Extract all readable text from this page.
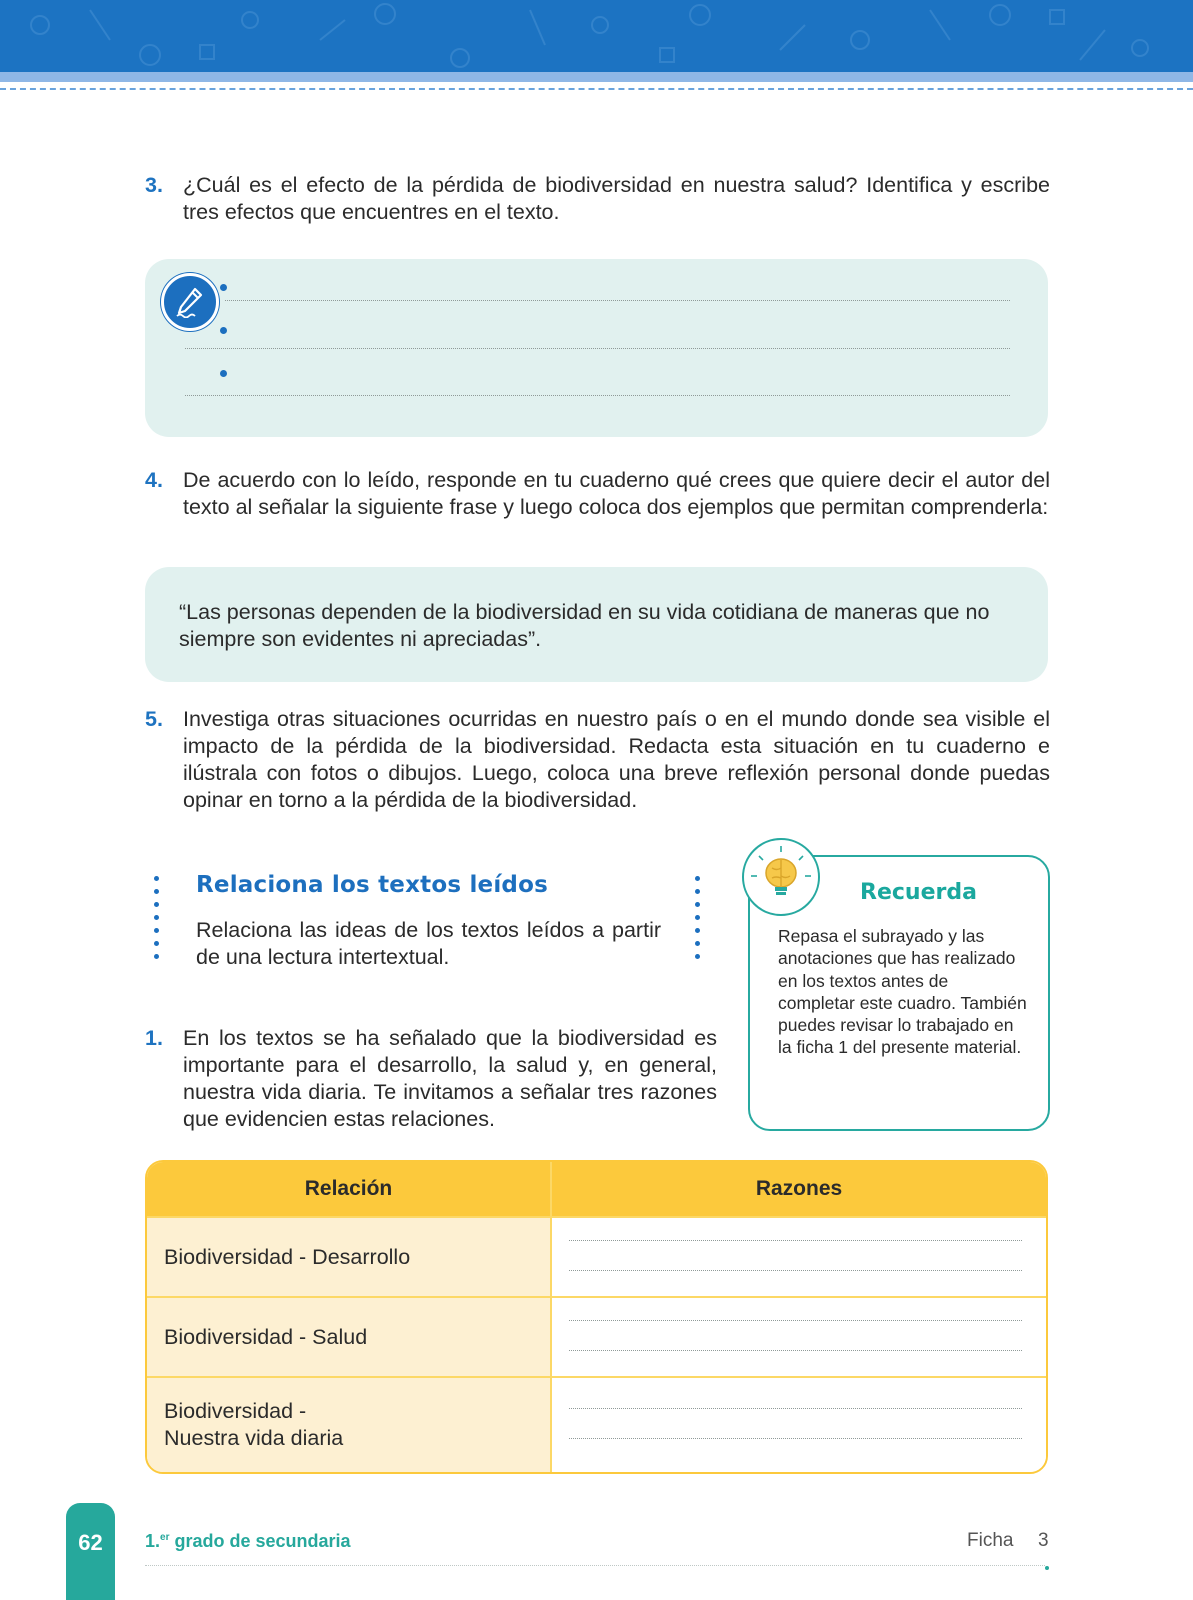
3. ¿Cuál es el efecto de la pérdida de biodiversidad en nuestra salud? Identifica y escribe tres efectos que encuentres en el texto.
4. De acuerdo con lo leído, responde en tu cuaderno qué crees que quiere decir el autor del texto al señalar la siguiente frase y luego coloca dos ejemplos que permitan comprenderla:
“Las personas dependen de la biodiversidad en su vida cotidiana de maneras que no siempre son evidentes ni apreciadas”.
5. Investiga otras situaciones ocurridas en nuestro país o en el mundo donde sea visible el impacto de la pérdida de la biodiversidad. Redacta esta situación en tu cuaderno e ilústrala con fotos o dibujos. Luego, coloca una breve reflexión personal donde puedas opinar en torno a la pérdida de la biodiversidad.
Relaciona los textos leídos
Relaciona las ideas de los textos leídos a partir de una lectura intertextual.
Recuerda
Repasa el subrayado y las anotaciones que has realizado en los textos antes de completar este cuadro. También puedes revisar lo trabajado en la ficha 1 del presente material.
1. En los textos se ha señalado que la biodiversidad es importante para el desarrollo, la salud y, en general, nuestra vida diaria. Te invitamos a señalar tres razones que evidencien estas relaciones.
Relación	Razones

Biodiversidad - Desarrollo	

Biodiversidad - Salud	

Biodiversidad -
Nuestra vida diaria	

62	1.$^{er}$ grado de secundaria	Ficha 3
